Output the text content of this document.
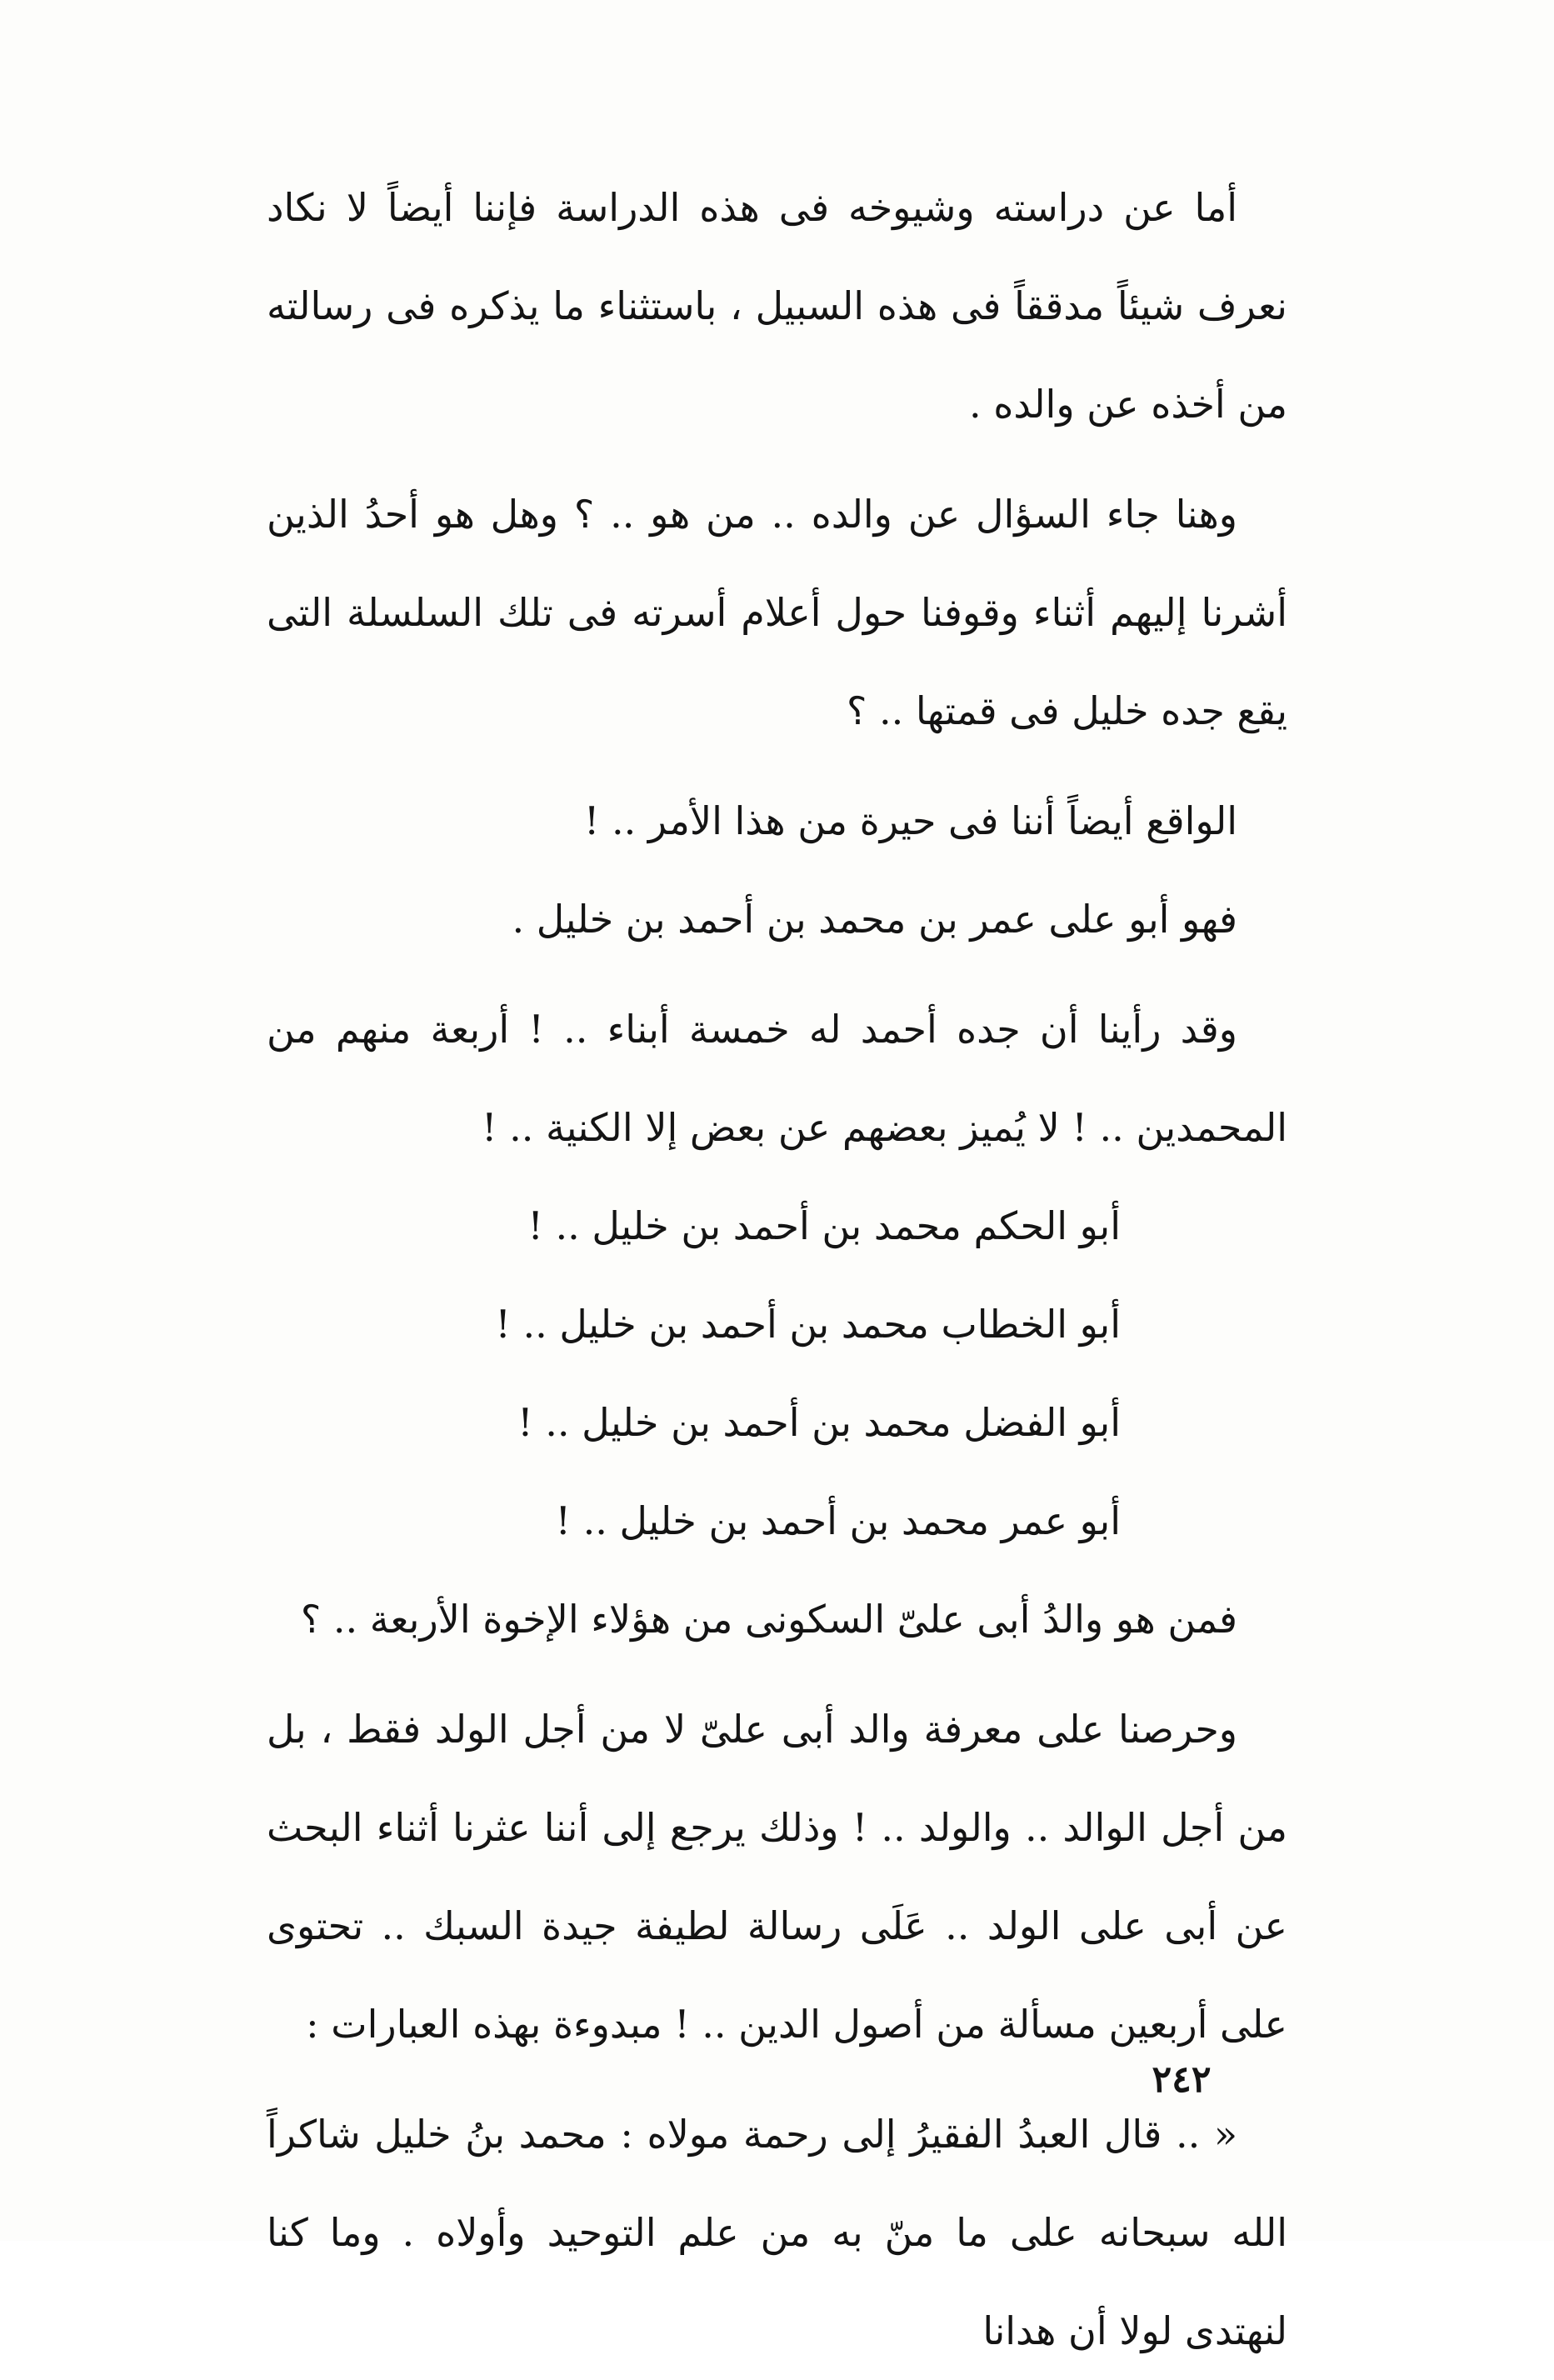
أما عن دراسته وشيوخه فى هذه الدراسة فإننا أيضاً لا نكاد نعرف شيئاً مدققاً فى هذه السبيل ، باستثناء ما يذكره فى رسالته من أخذه عن والده .

وهنا جاء السؤال عن والده .. من هو .. ؟ وهل هو أحدُ الذين أشرنا إليهم أثناء وقوفنا حول أعلام أسرته فى تلك السلسلة التى يقع جده خليل فى قمتها .. ؟

الواقع أيضاً أننا فى حيرة من هذا الأمر .. !

فهو أبو على عمر بن محمد بن أحمد بن خليل .

وقد رأينا أن جده أحمد له خمسة أبناء .. ! أربعة منهم من المحمدين .. ! لا يُميز بعضهم عن بعض إلا الكنية .. !

أبو الحكم محمد بن أحمد بن خليل .. !

أبو الخطاب محمد بن أحمد بن خليل .. !

أبو الفضل محمد بن أحمد بن خليل .. !

أبو عمر محمد بن أحمد بن خليل .. !

فمن هو والدُ أبى علىّ السكونى من هؤلاء الإخوة الأربعة .. ؟

وحرصنا على معرفة والد أبى علىّ لا من أجل الولد فقط ، بل من أجل الوالد .. والولد .. ! وذلك يرجع إلى أننا عثرنا أثناء البحث عن أبى على الولد .. عَلَى رسالة لطيفة جيدة السبك .. تحتوى على أربعين مسألة من أصول الدين .. ! مبدوءة بهذه العبارات :

« .. قال العبدُ الفقيرُ إلى رحمة مولاه : محمد بنُ خليل شاكراً الله سبحانه على ما منّ به من علم التوحيد وأولاه . وما كنا لنهتدى لولا أن هدانا

٢٤٢
